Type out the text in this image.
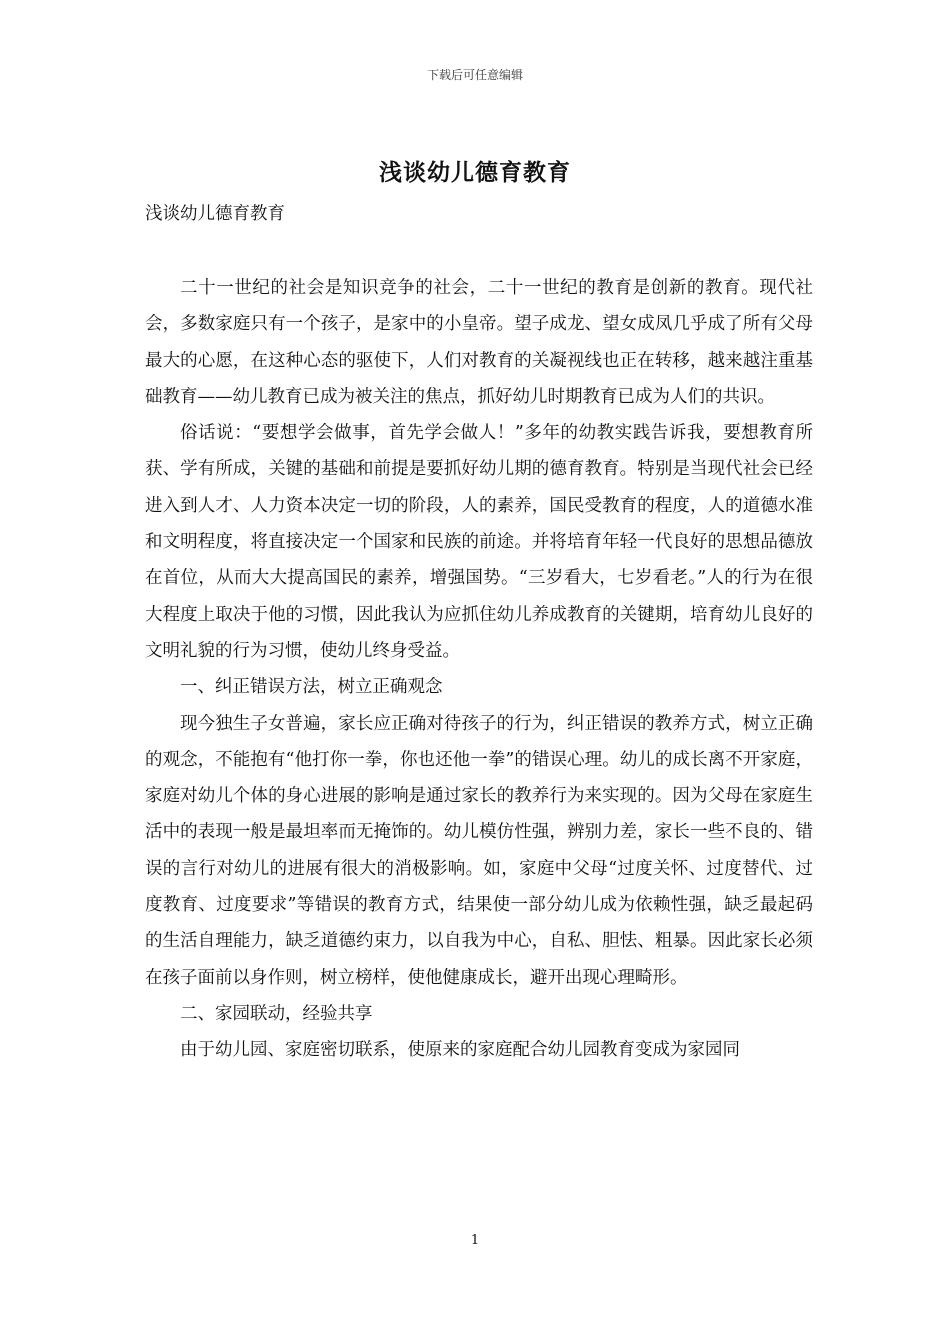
下载后可任意编辑
浅谈幼儿德育教育
浅谈幼儿德育教育

二十一世纪的社会是知识竞争的社会，二十一世纪的教育是创新的教育。现代社会，多数家庭只有一个孩子，是家中的小皇帝。望子成龙、望女成凤几乎成了所有父母最大的心愿，在这种心态的驱使下，人们对教育的关凝视线也正在转移，越来越注重基础教育——幼儿教育已成为被关注的焦点，抓好幼儿时期教育已成为人们的共识。

俗话说：“要想学会做事，首先学会做人！”多年的幼教实践告诉我，要想教育所获、学有所成，关键的基础和前提是要抓好幼儿期的德育教育。特别是当现代社会已经进入到人才、人力资本决定一切的阶段，人的素养，国民受教育的程度，人的道德水准和文明程度，将直接决定一个国家和民族的前途。并将培育年轻一代良好的思想品德放在首位，从而大大提高国民的素养，增强国势。“三岁看大，七岁看老。”人的行为在很大程度上取决于他的习惯，因此我认为应抓住幼儿养成教育的关键期，培育幼儿良好的文明礼貌的行为习惯，使幼儿终身受益。

一、纠正错误方法，树立正确观念

现今独生子女普遍，家长应正确对待孩子的行为，纠正错误的教养方式，树立正确的观念，不能抱有“他打你一拳，你也还他一拳”的错误心理。幼儿的成长离不开家庭，家庭对幼儿个体的身心进展的影响是通过家长的教养行为来实现的。因为父母在家庭生活中的表现一般是最坦率而无掩饰的。幼儿模仿性强，辨别力差，家长一些不良的、错误的言行对幼儿的进展有很大的消极影响。如，家庭中父母“过度关怀、过度替代、过度教育、过度要求”等错误的教育方式，结果使一部分幼儿成为依赖性强，缺乏最起码的生活自理能力，缺乏道德约束力，以自我为中心，自私、胆怯、粗暴。因此家长必须在孩子面前以身作则，树立榜样，使他健康成长，避开出现心理畸形。

二、家园联动，经验共享

由于幼儿园、家庭密切联系，使原来的家庭配合幼儿园教育变成为家园同

1
